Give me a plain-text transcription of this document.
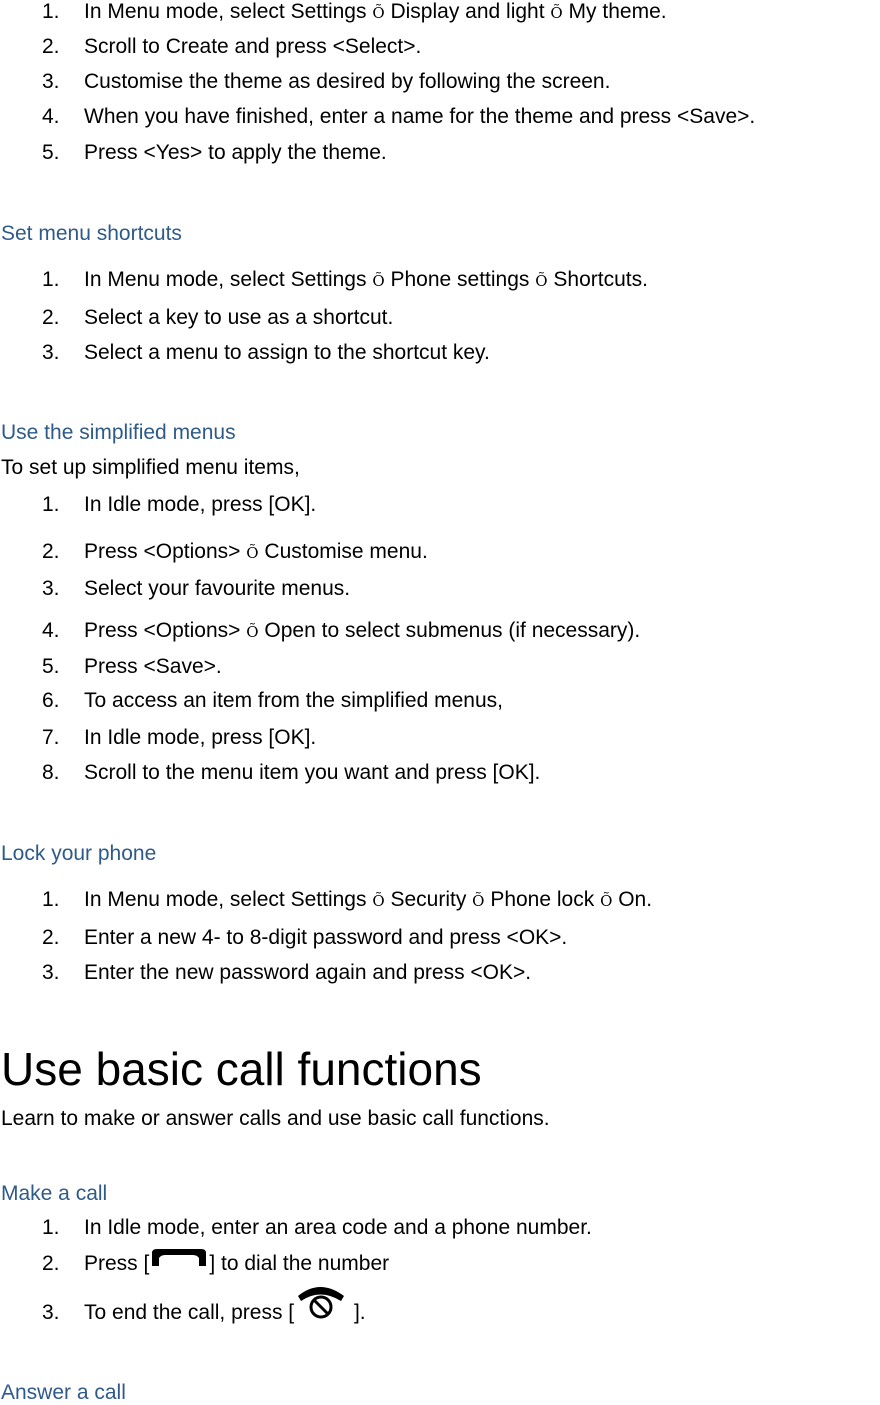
1. In Menu mode, select Settings Õ Display and light Õ My theme.
2. Scroll to Create and press <Select>.
3. Customise the theme as desired by following the screen.
4. When you have finished, enter a name for the theme and press <Save>.
5. Press <Yes> to apply the theme.
Set menu shortcuts
1. In Menu mode, select Settings Õ Phone settings Õ Shortcuts.
2. Select a key to use as a shortcut.
3. Select a menu to assign to the shortcut key.
Use the simplified menus
To set up simplified menu items,
1. In Idle mode, press [OK].
2. Press <Options> Õ Customise menu.
3. Select your favourite menus.
4. Press <Options> Õ Open to select submenus (if necessary).
5. Press <Save>.
6. To access an item from the simplified menus,
7. In Idle mode, press [OK].
8. Scroll to the menu item you want and press [OK].
Lock your phone
1. In Menu mode, select Settings Õ Security Õ Phone lock Õ On.
2. Enter a new 4- to 8-digit password and press <OK>.
3. Enter the new password again and press <OK>.
Use basic call functions
Learn to make or answer calls and use basic call functions.
Make a call
1. In Idle mode, enter an area code and a phone number.
2. Press [	] to dial the number
3. To end the call, press [	].
Answer a call
